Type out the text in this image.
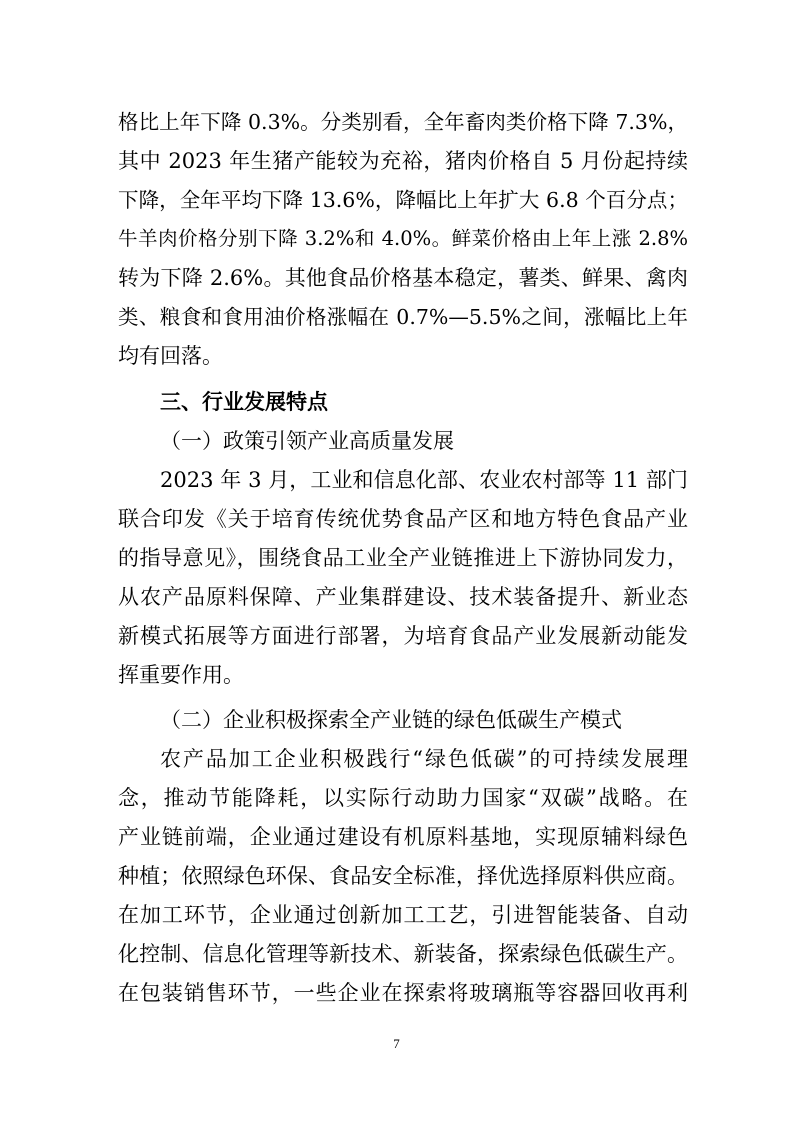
格比上年下降 0.3%。分类别看，全年畜肉类价格下降 7.3%，
其中 2023 年生猪产能较为充裕，猪肉价格自 5 月份起持续
下降，全年平均下降 13.6%，降幅比上年扩大 6.8 个百分点；
牛羊肉价格分别下降 3.2%和 4.0%。鲜菜价格由上年上涨 2.8%
转为下降 2.6%。其他食品价格基本稳定，薯类、鲜果、禽肉
类、粮食和食用油价格涨幅在 0.7%—5.5%之间，涨幅比上年
均有回落。
三、行业发展特点
（一）政策引领产业高质量发展
2023 年 3 月，工业和信息化部、农业农村部等 11 部门
联合印发《关于培育传统优势食品产区和地方特色食品产业
的指导意见》，围绕食品工业全产业链推进上下游协同发力，
从农产品原料保障、产业集群建设、技术装备提升、新业态
新模式拓展等方面进行部署，为培育食品产业发展新动能发
挥重要作用。
（二）企业积极探索全产业链的绿色低碳生产模式
农产品加工企业积极践行“绿色低碳”的可持续发展理
念，推动节能降耗，以实际行动助力国家“双碳”战略。在
产业链前端，企业通过建设有机原料基地，实现原辅料绿色
种植；依照绿色环保、食品安全标准，择优选择原料供应商。
在加工环节，企业通过创新加工工艺，引进智能装备、自动
化控制、信息化管理等新技术、新装备，探索绿色低碳生产。
在包装销售环节，一些企业在探索将玻璃瓶等容器回收再利
7
